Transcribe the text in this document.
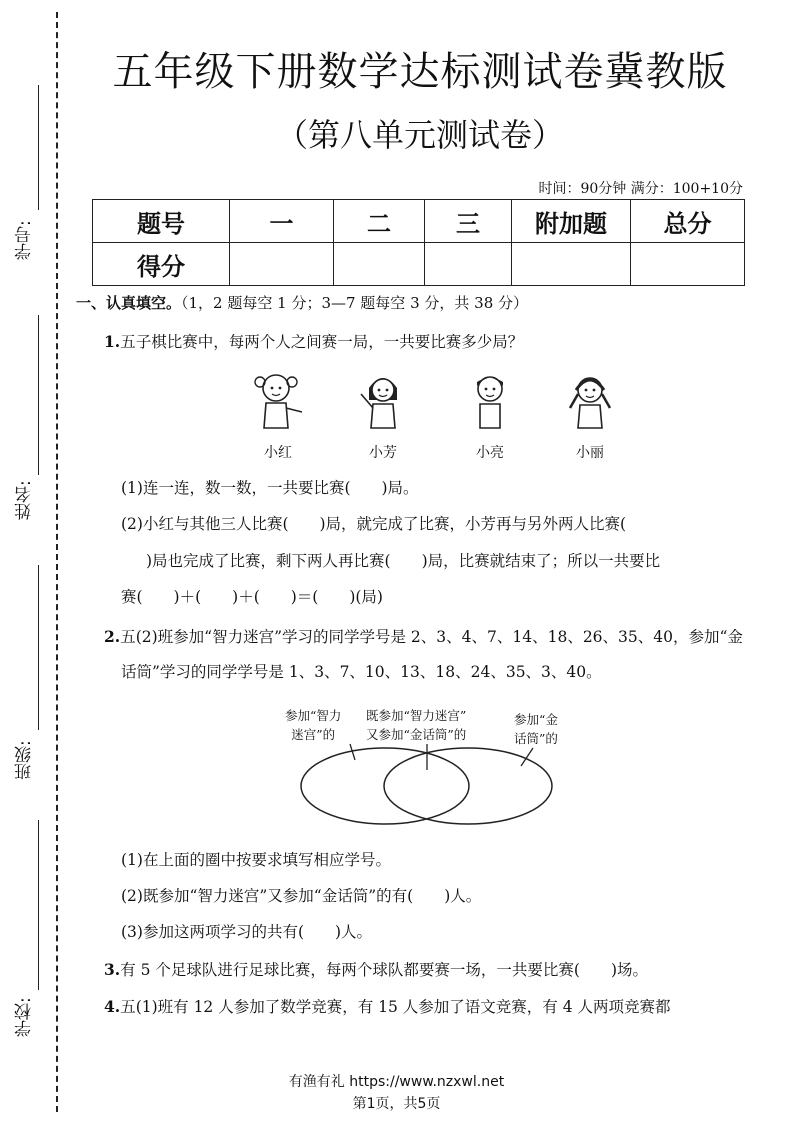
学号:
姓名:
班级:
学校:
五年级下册数学达标测试卷冀教版
（第八单元测试卷）
时间：90分钟 满分：100+10分
题号	一	二	三	附加题	总分
得分					
一、认真填空。（1，2 题每空 1 分；3—7 题每空 3 分，共 38 分）
1.五子棋比赛中，每两个人之间赛一局，一共要比赛多少局？
小红	小芳	小亮	小丽
(1)连一连，数一数，一共要比赛(　　)局。
(2)小红与其他三人比赛(　　)局，就完成了比赛，小芳再与另外两人比赛(
)局也完成了比赛，剩下两人再比赛(　　)局，比赛就结束了；所以一共要比
赛(　　)＋(　　)＋(　　)＝(　　)(局)
2.五(2)班参加“智力迷宫”学习的同学学号是 2、3、4、7、14、18、26、35、40，参加“金
话筒”学习的同学学号是 1、3、7、10、13、18、24、35、3、40。
参加“智力
迷宫”的
既参加“智力迷宫”
又参加“金话筒”的
参加“金
话筒”的
(1)在上面的圈中按要求填写相应学号。
(2)既参加“智力迷宫”又参加“金话筒”的有(　　)人。
(3)参加这两项学习的共有(　　)人。
3.有 5 个足球队进行足球比赛，每两个球队都要赛一场，一共要比赛(　　)场。
4.五(1)班有 12 人参加了数学竞赛，有 15 人参加了语文竞赛，有 4 人两项竞赛都
有渔有礼 https://www.nzxwl.net
第1页，共5页
